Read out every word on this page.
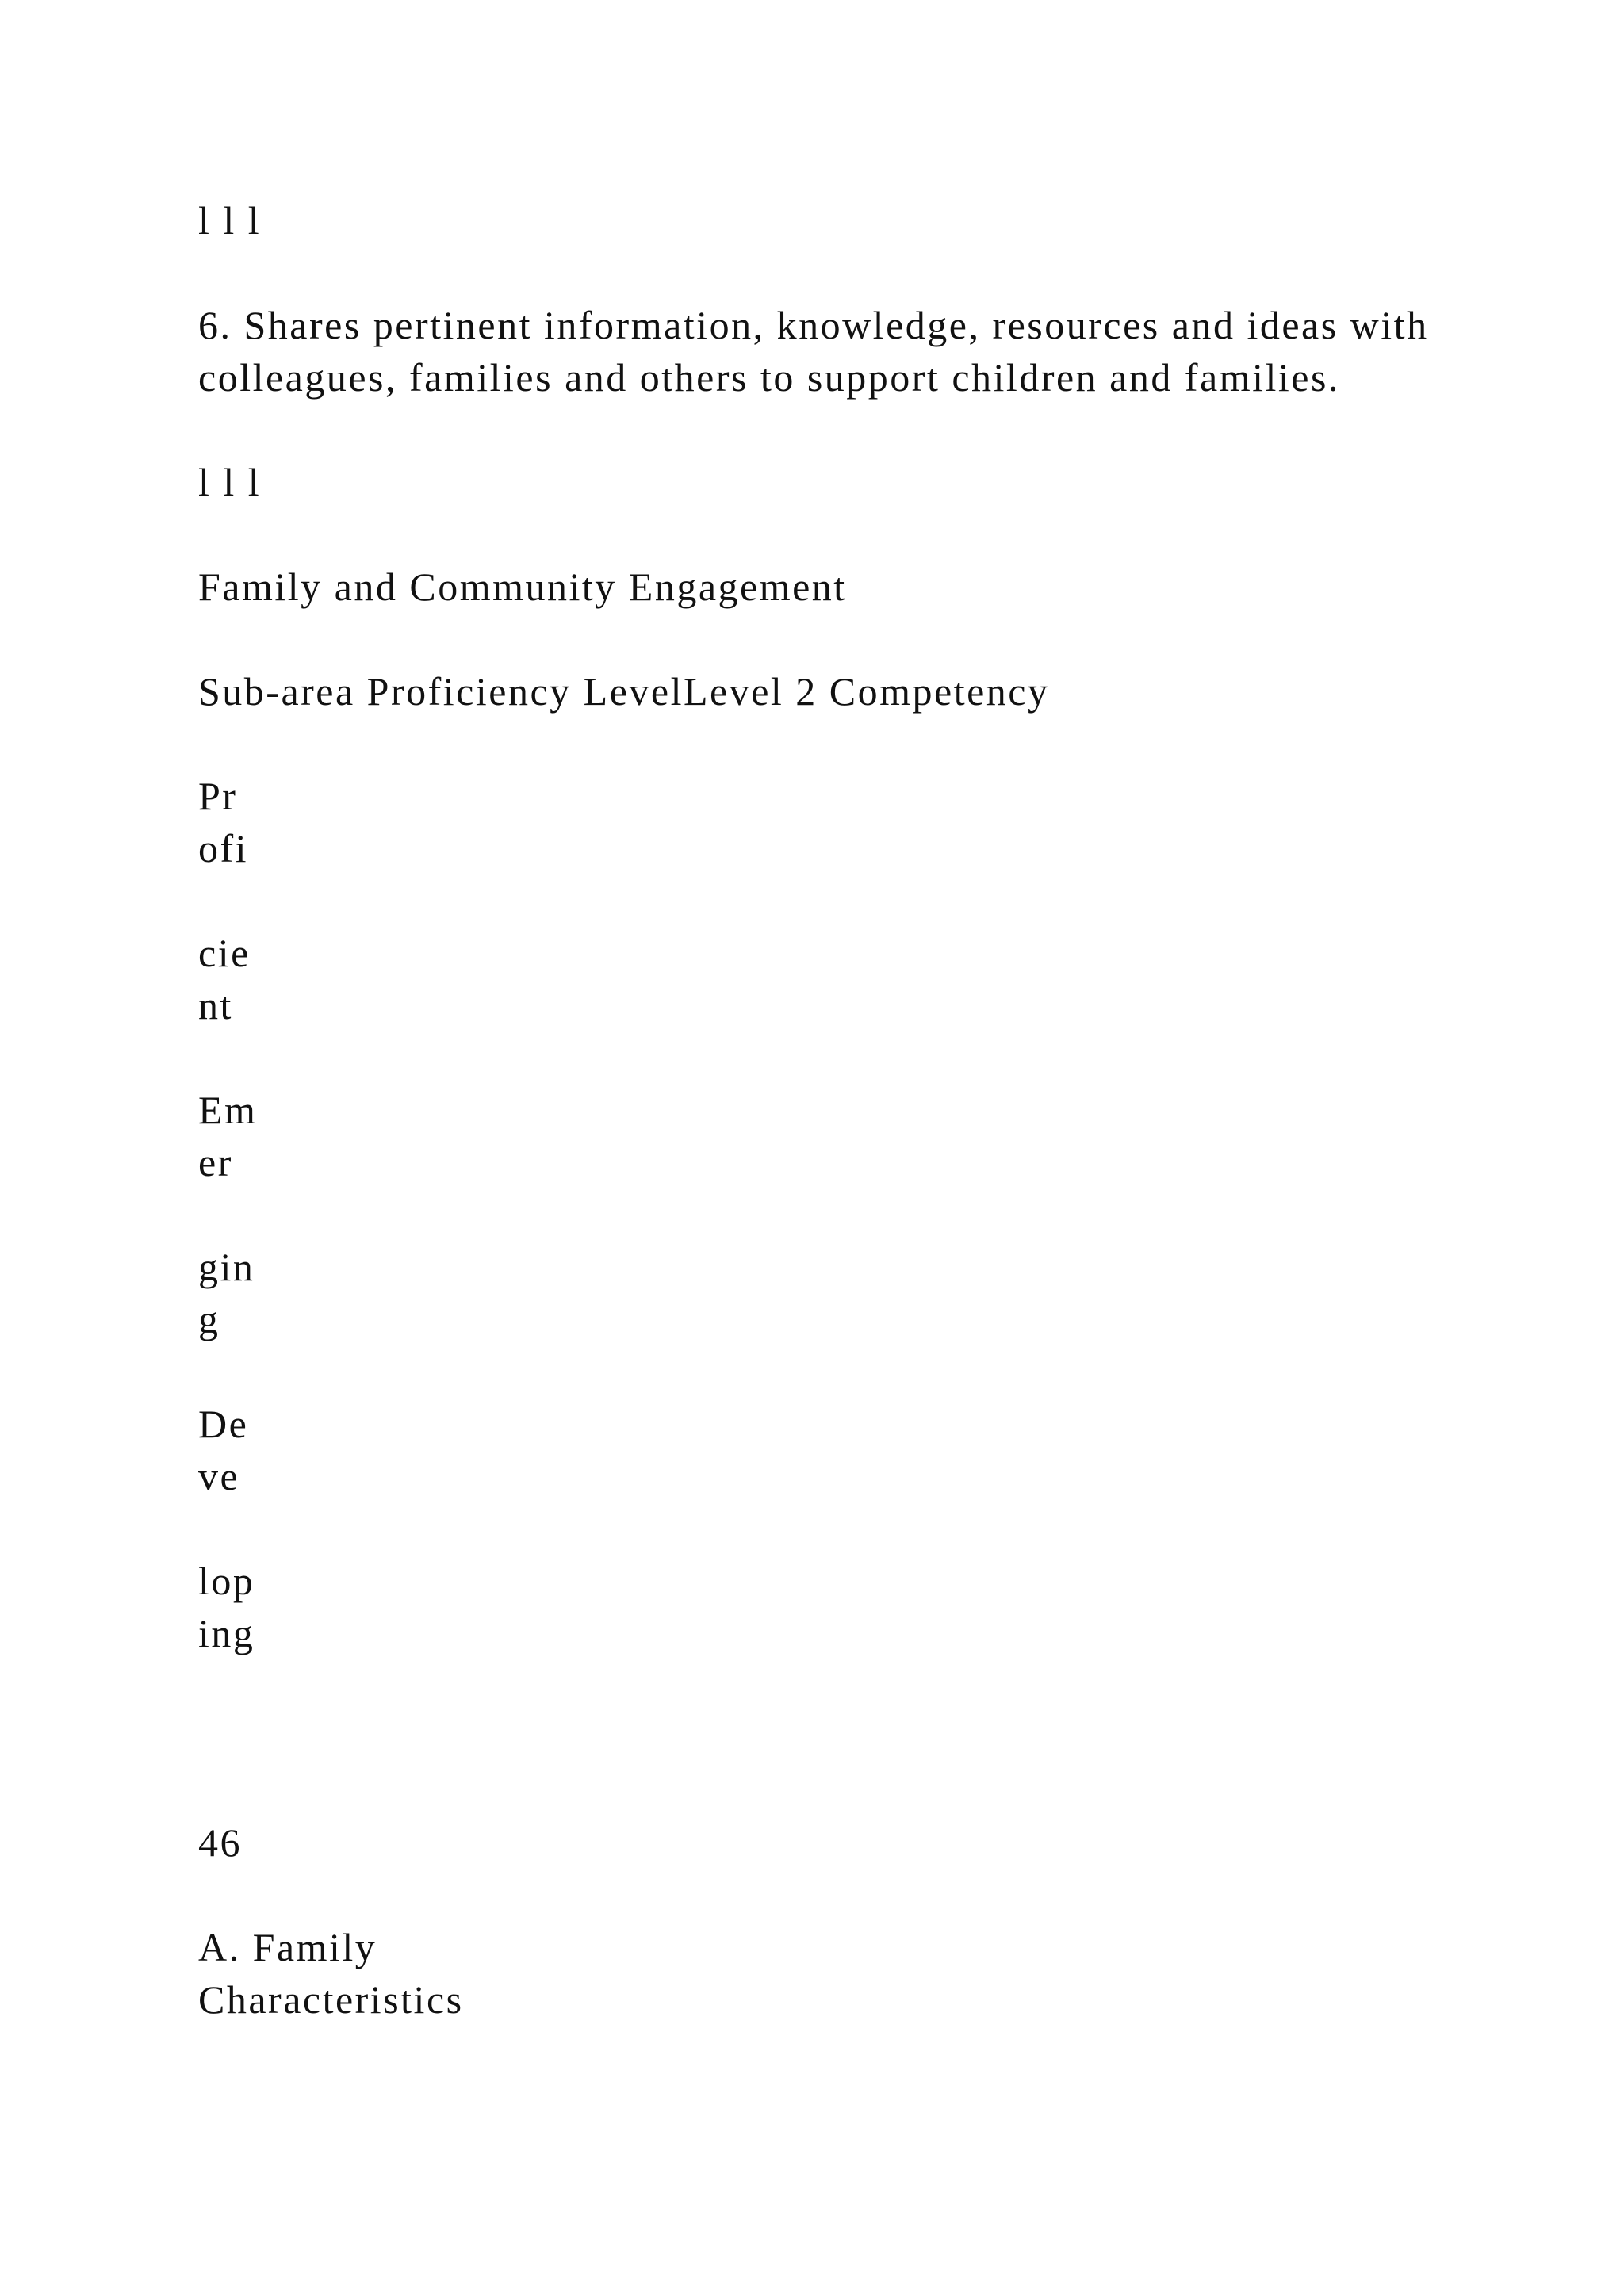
l l l

6. Shares pertinent information, knowledge, resources and ideas with colleagues, families and others to support children and families.

l l l

Family and Community Engagement

Sub-area Proficiency LevelLevel 2 Competency

Pr
ofi

cie
nt

Em
er

gin
g

De
ve

lop
ing

46

A. Family
Characteristics
